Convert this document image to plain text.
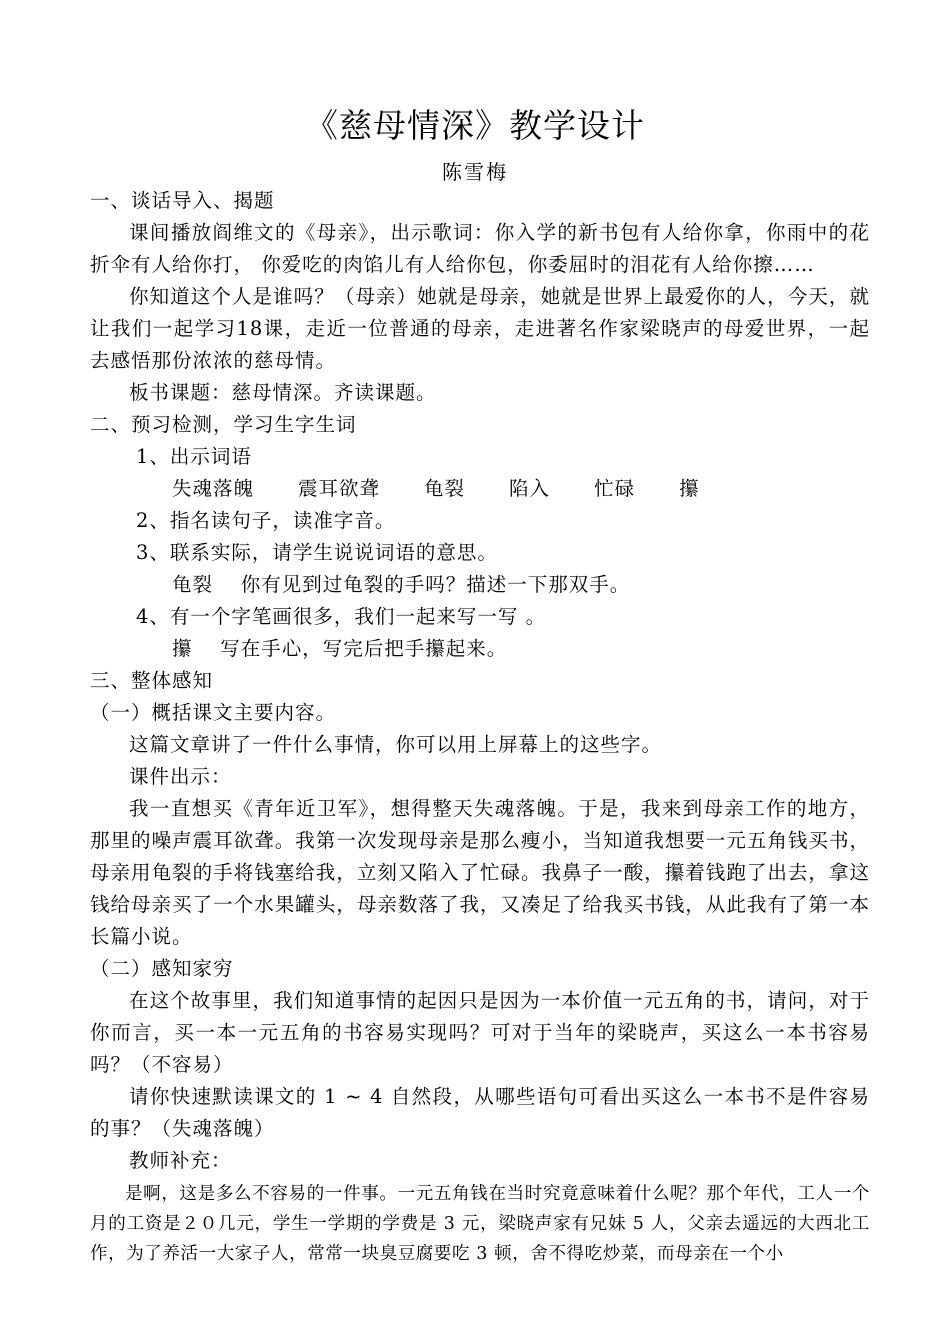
《慈母情深》教学设计
陈雪梅

一、谈话导入、揭题

课间播放阎维文的《母亲》，出示歌词：你入学的新书包有人给你拿，你雨中的花折伞有人给你打， 你爱吃的肉馅儿有人给你包，你委屈时的泪花有人给你擦……

你知道这个人是谁吗？（母亲）她就是母亲，她就是世界上最爱你的人，今天，就让我们一起学习18课，走近一位普通的母亲，走进著名作家梁晓声的母爱世界，一起去感悟那份浓浓的慈母情。

板书课题：慈母情深。齐读课题。

二、预习检测，学习生字生词

1、出示词语

失魂落魄 震耳欲聋 龟裂 陷入 忙碌 攥

2、指名读句子，读准字音。

3、联系实际，请学生说说词语的意思。

龟裂　 你有见到过龟裂的手吗？描述一下那双手。

4、有一个字笔画很多，我们一起来写一写 。

攥　 写在手心，写完后把手攥起来。

三、整体感知

（一）概括课文主要内容。

这篇文章讲了一件什么事情，你可以用上屏幕上的这些字。

课件出示：

我一直想买《青年近卫军》，想得整天失魂落魄。于是，我来到母亲工作的地方，那里的噪声震耳欲聋。我第一次发现母亲是那么瘦小，当知道我想要一元五角钱买书，母亲用龟裂的手将钱塞给我，立刻又陷入了忙碌。我鼻子一酸，攥着钱跑了出去，拿这钱给母亲买了一个水果罐头，母亲数落了我，又凑足了给我买书钱，从此我有了第一本长篇小说。

（二）感知家穷

在这个故事里，我们知道事情的起因只是因为一本价值一元五角的书，请问，对于你而言，买一本一元五角的书容易实现吗？可对于当年的梁晓声，买这么一本书容易吗？（不容易）

请你快速默读课文的 1 ~ 4 自然段，从哪些语句可看出买这么一本书不是件容易的事？（失魂落魄）

教师补充：

是啊，这是多么不容易的一件事。一元五角钱在当时究竟意味着什么呢？那个年代，工人一个月的工资是２０几元，学生一学期的学费是 3 元，梁晓声家有兄妹 5 人，父亲去遥远的大西北工作，为了养活一大家子人，常常一块臭豆腐要吃 3 顿，舍不得吃炒菜，而母亲在一个小
